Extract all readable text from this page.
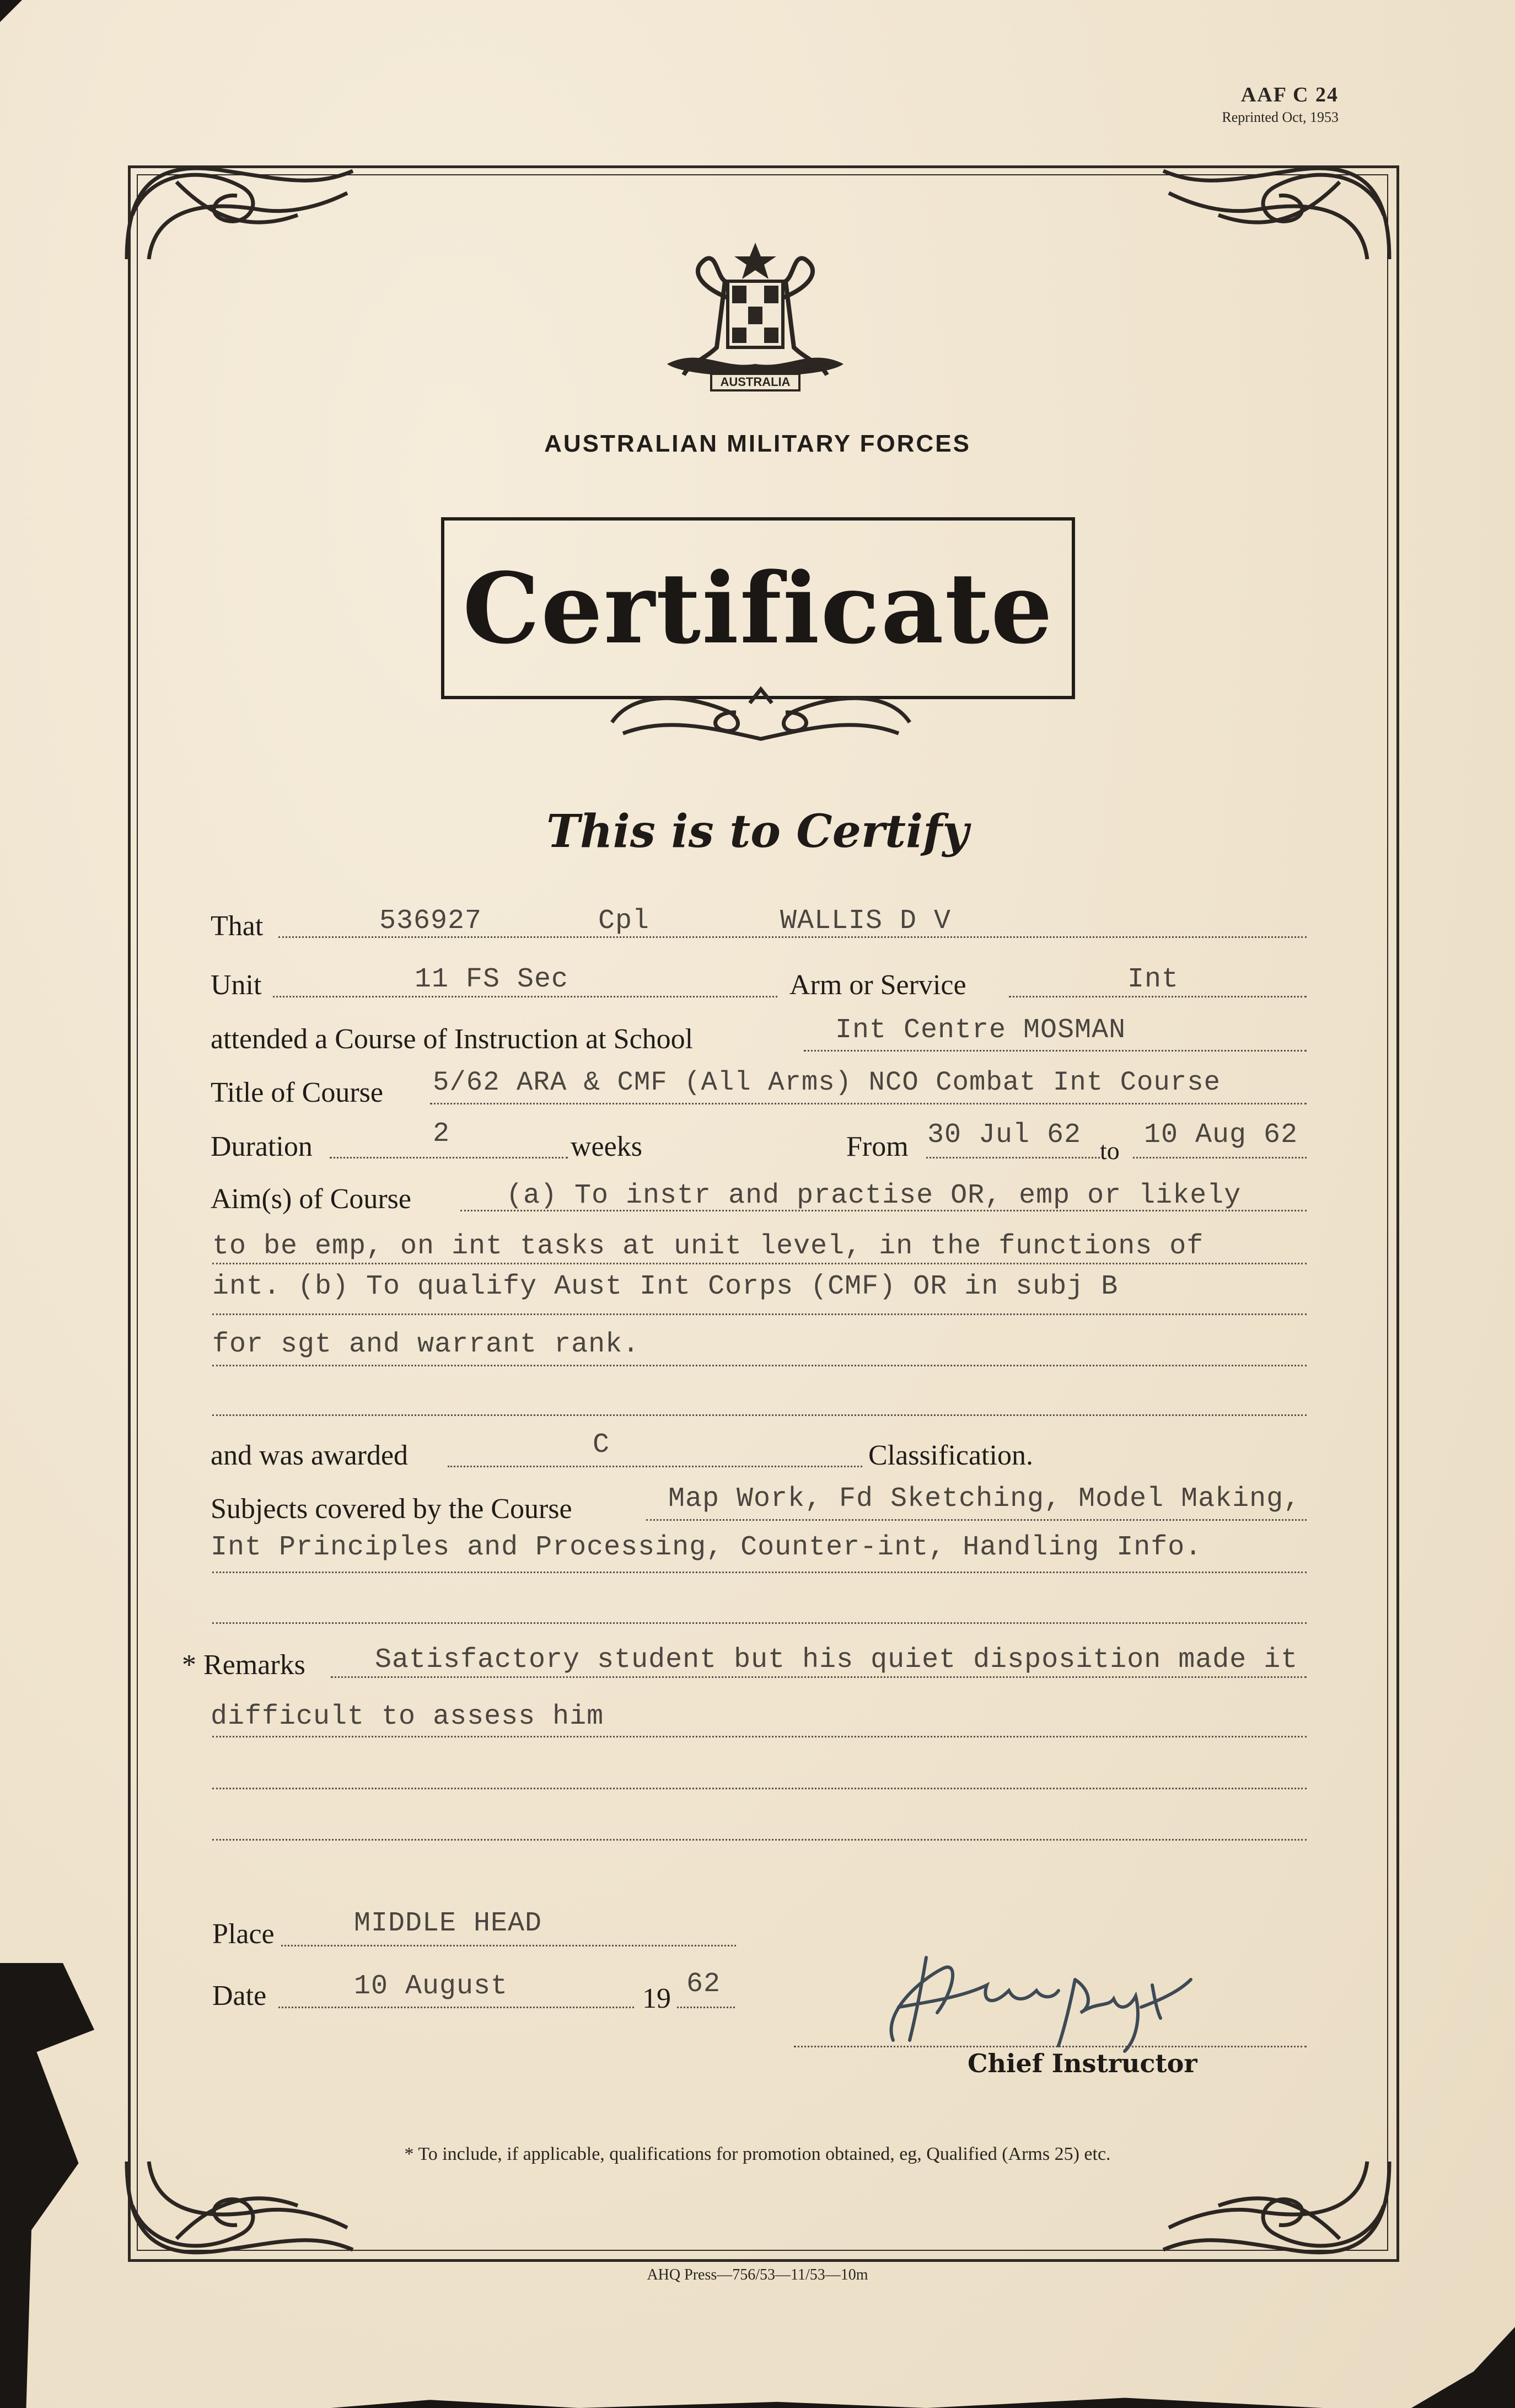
AAF C 24
Reprinted Oct, 1953
AUSTRALIA
AUSTRALIAN MILITARY FORCES
Certificate
This is to Certify
That	536927	Cpl	WALLIS D V
Unit	11 FS Sec	Arm or Service	Int
attended a Course of Instruction at School	Int Centre MOSMAN
Title of Course 5/62 ARA & CMF (All Arms) NCO Combat Int Course
Duration	2	weeks	From 30 Jul 62 to 10 Aug 62
Aim(s) of Course	(a) To instr and practise OR, emp or likely
to be emp, on int tasks at unit level, in the functions of
int. (b) To qualify Aust Int Corps (CMF) OR in subj B
for sgt and warrant rank.
and was awarded	C	Classification.
Subjects covered by the Course	Map Work, Fd Sketching, Model Making,
Int Principles and Processing, Counter-int, Handling Info.
* Remarks	Satisfactory student but his quiet disposition made it
difficult to assess him
Place	MIDDLE HEAD
Date	10 August	19 62
Chief Instructor
* To include, if applicable, qualifications for promotion obtained, eg, Qualified (Arms 25) etc.
AHQ Press—756/53—11/53—10m
